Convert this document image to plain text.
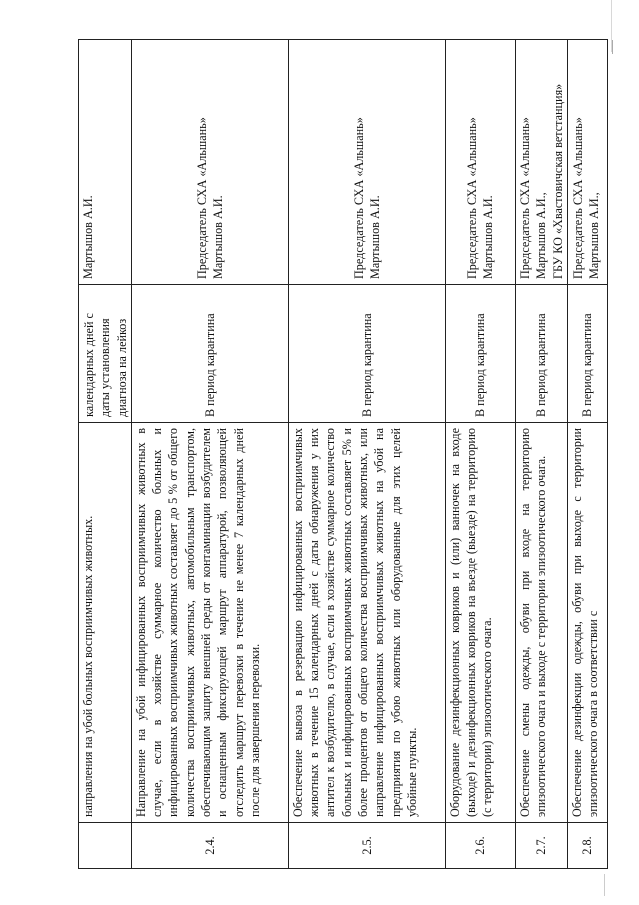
	направления на убой больных восприимчивых животных.	календарных дней с даты установления диагноза на лейкоз	Мартышов А.И.

2.4.	Направление на убой инфицированных восприимчивых животных в случае, если в хозяйстве суммарное количество больных и инфицированных восприимчивых животных составляет до 5 % от общего количества восприимчивых животных, автомобильным транспортом, обеспечивающим защиту внешней среды от контаминации возбудителем и оснащенным фиксирующей маршрут аппаратурой, позволяющей отследить маршрут перевозки в течение не менее 7 календарных дней после для завершения перевозки.	В период карантина	Председатель СХА «Альшань» Мартышов А.И.

2.5.	Обеспечение вывоза в резервацию инфицированных восприимчивых животных в течение 15 календарных дней с даты обнаружения у них антител к возбудителю, в случае, если в хозяйстве суммарное количество больных и инфицированных восприимчивых животных составляет 5% и более процентов от общего количества восприимчивых животных, или направление инфицированных восприимчивых животных на убой на предприятия по убою животных или оборудованные для этих целей убойные пункты.	В период карантина	Председатель СХА «Альшань» Мартышов А.И.

2.6.	Оборудование дезинфекционных ковриков и (или) ванночек на входе (выходе) и дезинфекционных ковриков на въезде (выезде) на территорию (с территории) эпизоотического очага.	В период карантина	Председатель СХА «Альшань» Мартышов А.И.

2.7.	Обеспечение смены одежды, обуви при входе на территорию эпизоотического очага и выходе с территории эпизоотического очага.	В период карантина	Председатель СХА «Альшань» Мартышов А.И., ГБУ КО «Хвастовичская ветстанция»

2.8.	Обеспечение дезинфекции одежды, обуви при выходе с территории эпизоотического очага в соответствии с	В период карантина	Председатель СХА «Альшань» Мартышов А.И.,
